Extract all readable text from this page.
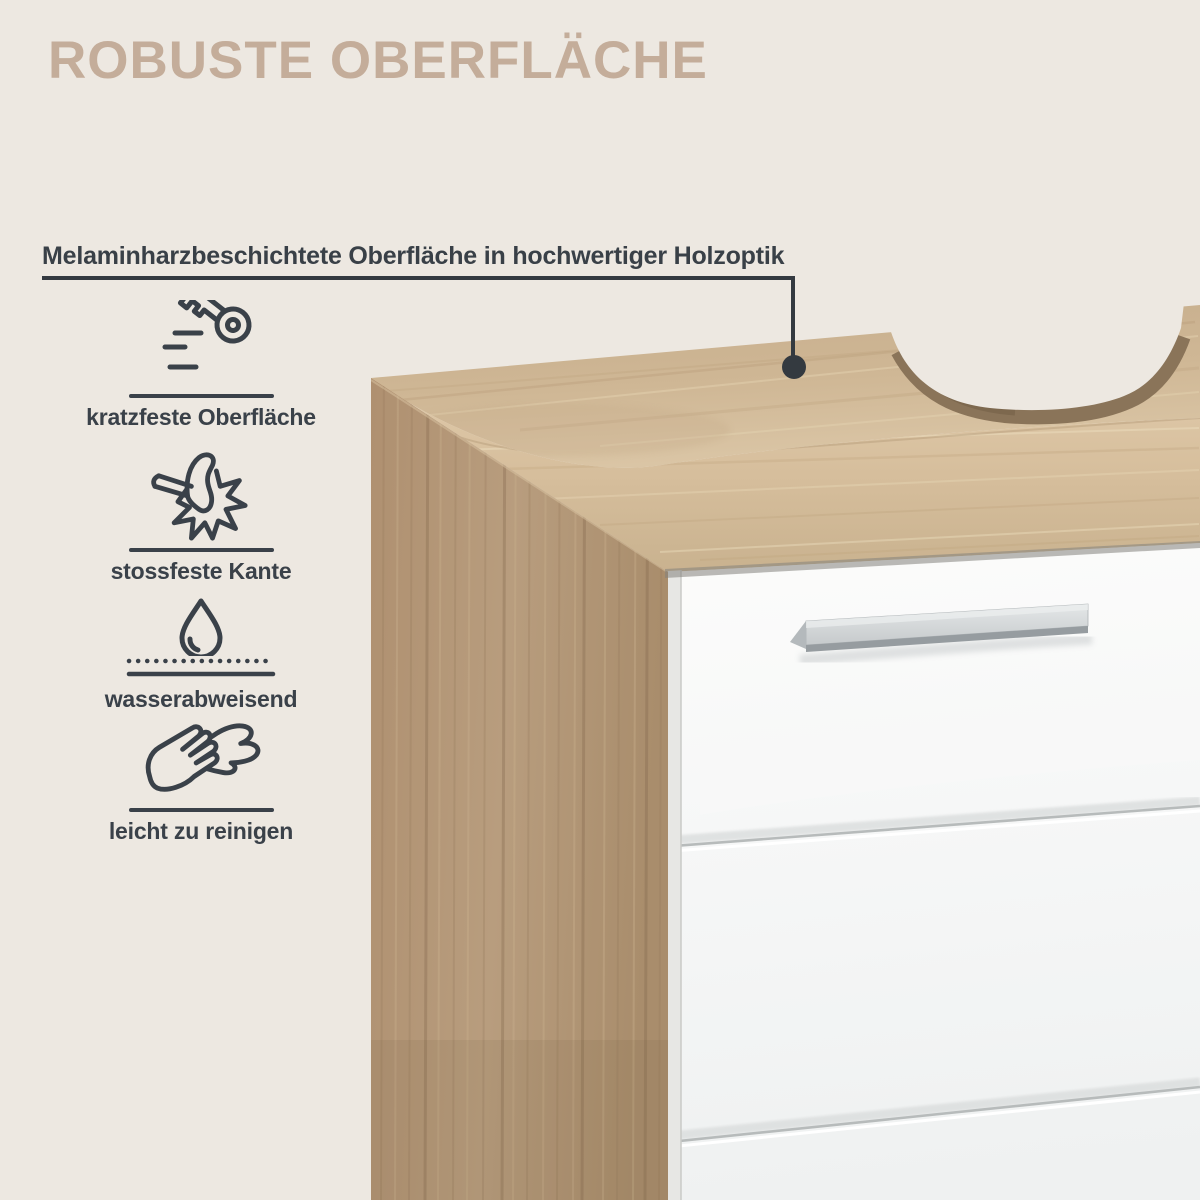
ROBUSTE OBERFLÄCHE
Melaminharzbeschichtete Oberfläche in hochwertiger Holzoptik
kratzfeste Oberfläche
stossfeste Kante
wasserabweisend
leicht zu reinigen
